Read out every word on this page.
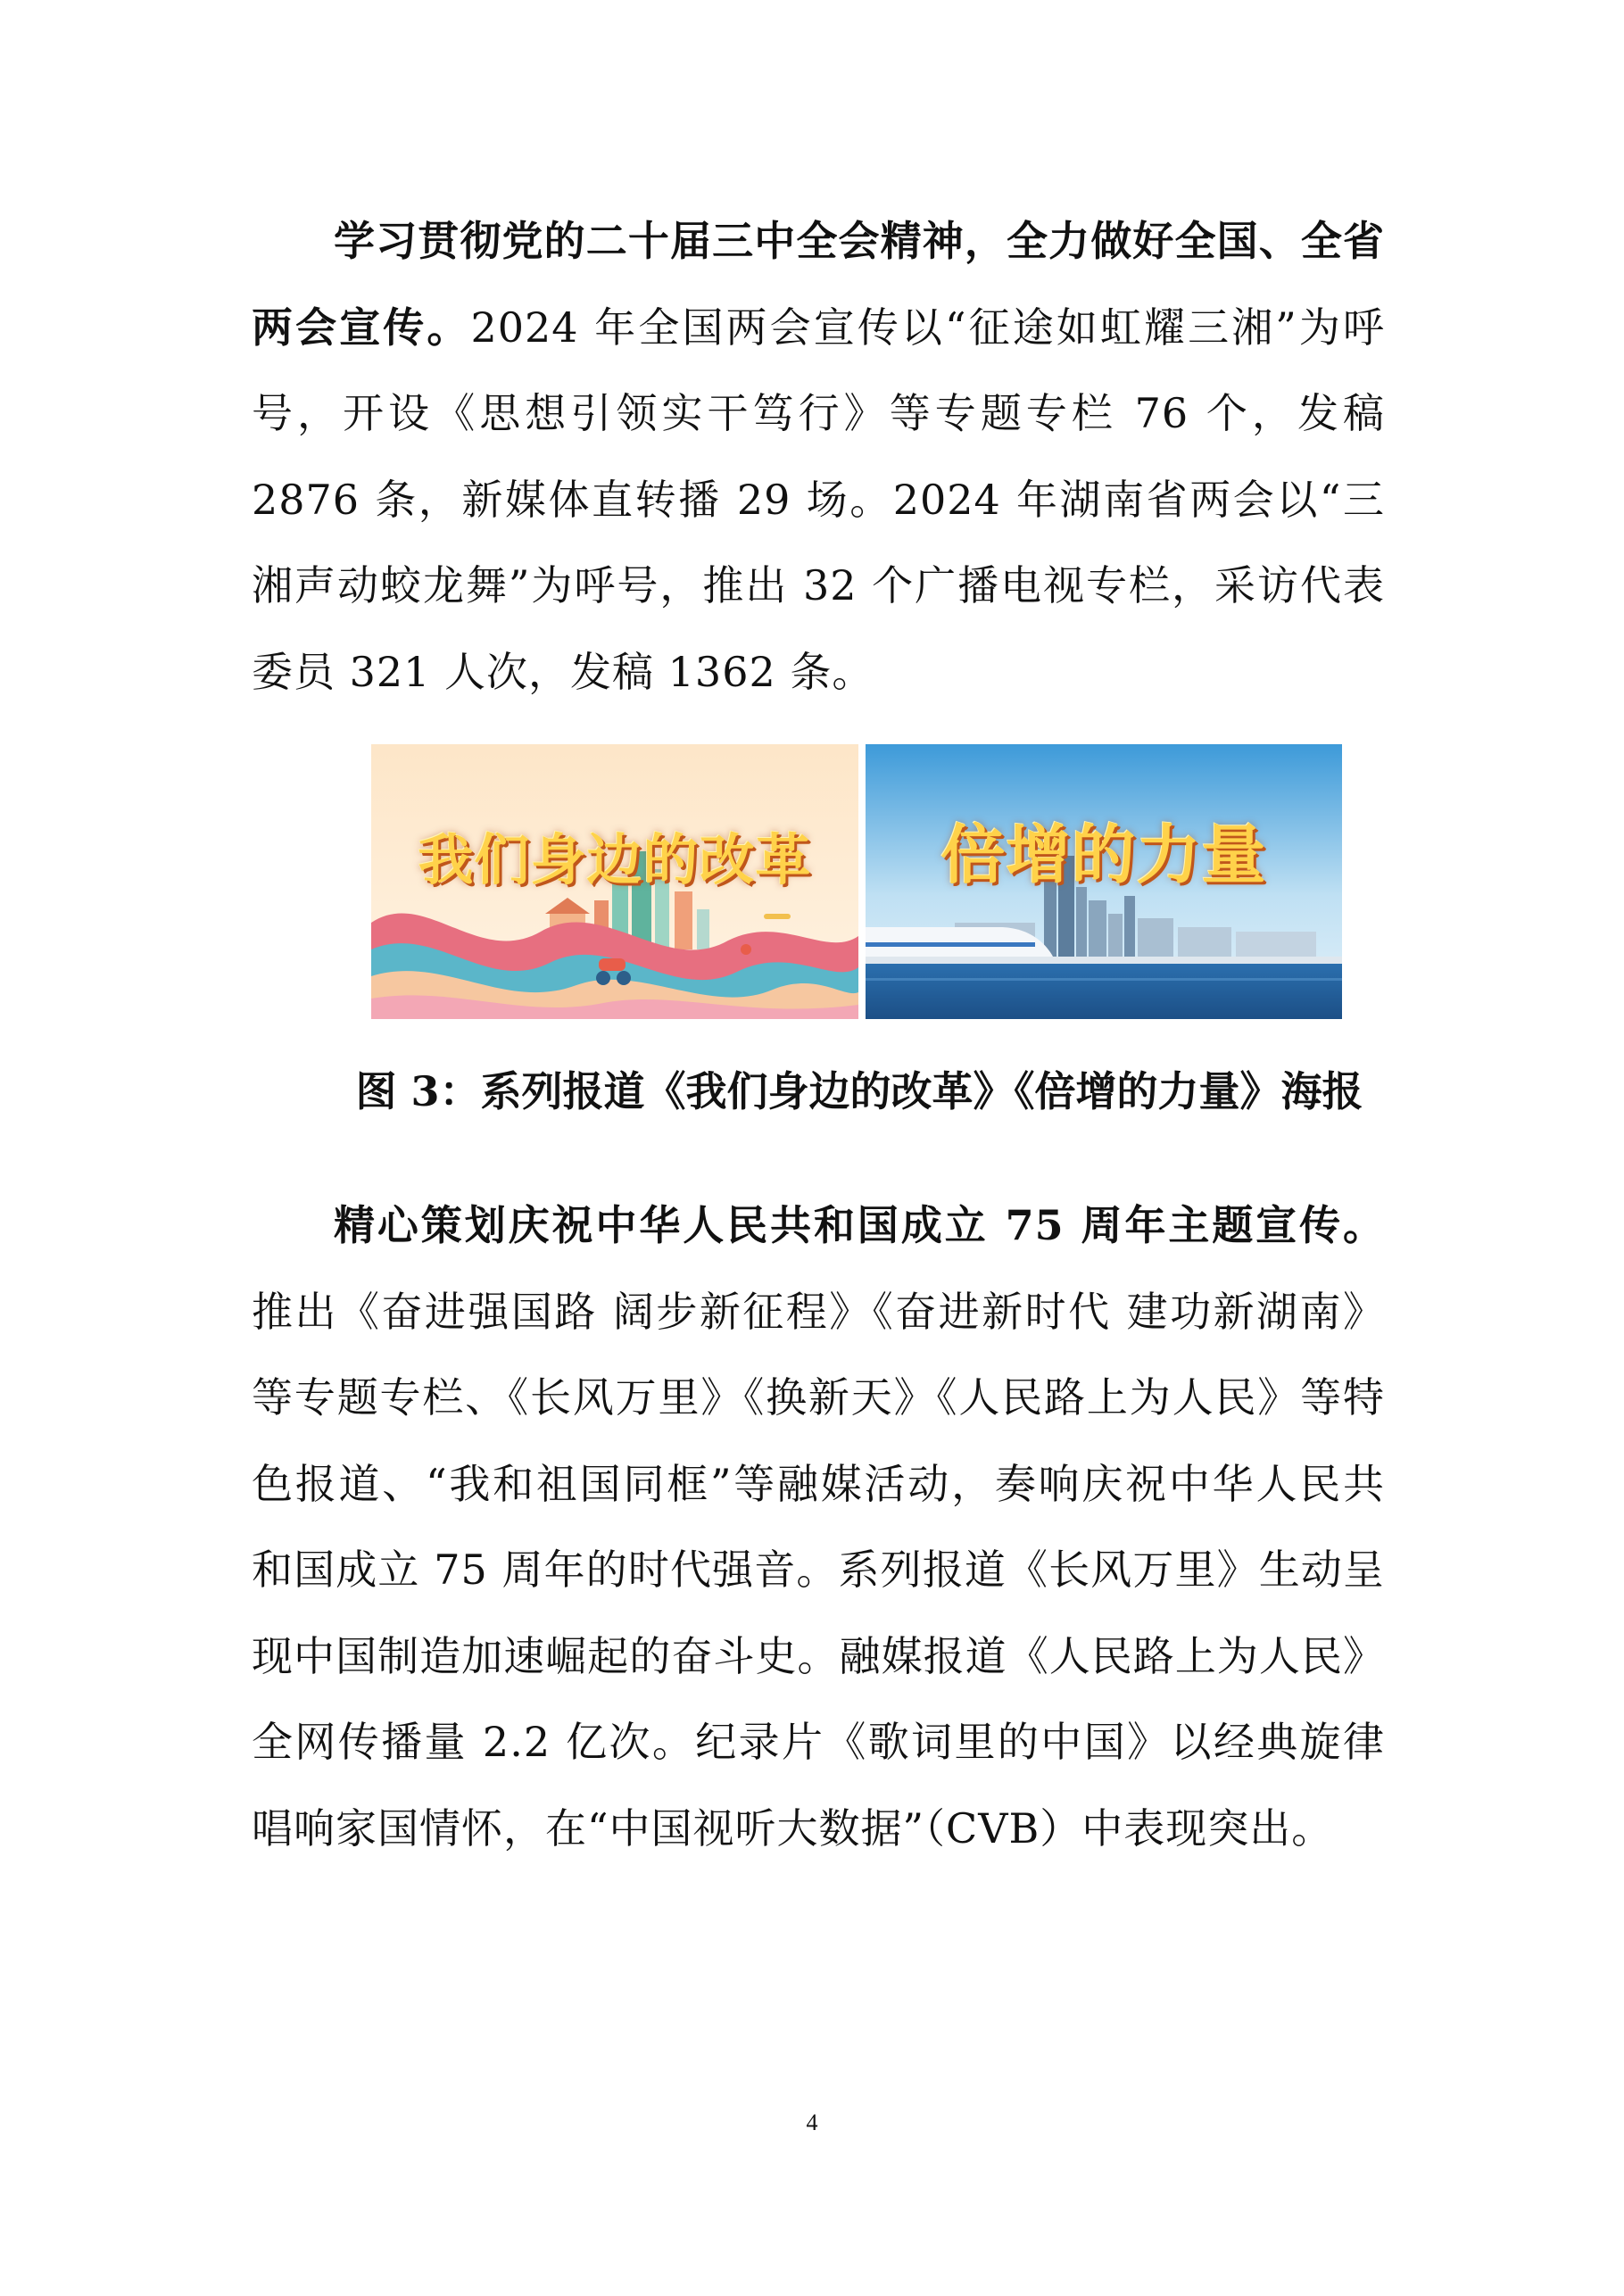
学习贯彻党的二十届三中全会精神，全力做好全国、全省两会宣传。2024 年全国两会宣传以“征途如虹耀三湘”为呼号，开设《思想引领实干笃行》等专题专栏 76 个，发稿 2876 条，新媒体直转播 29 场。2024 年湖南省两会以“三湘声动蛟龙舞”为呼号，推出 32 个广播电视专栏，采访代表委员 321 人次，发稿 1362 条。

我们身边的改革	倍增的力量

图 3：系列报道《我们身边的改革》《倍增的力量》海报

精心策划庆祝中华人民共和国成立 75 周年主题宣传。推出《奋进强国路 阔步新征程》《奋进新时代 建功新湖南》等专题专栏、《长风万里》《换新天》《人民路上为人民》等特色报道、“我和祖国同框”等融媒活动，奏响庆祝中华人民共和国成立 75 周年的时代强音。系列报道《长风万里》生动呈现中国制造加速崛起的奋斗史。融媒报道《人民路上为人民》全网传播量 2.2 亿次。纪录片《歌词里的中国》以经典旋律唱响家国情怀，在“中国视听大数据”（CVB）中表现突出。

4
